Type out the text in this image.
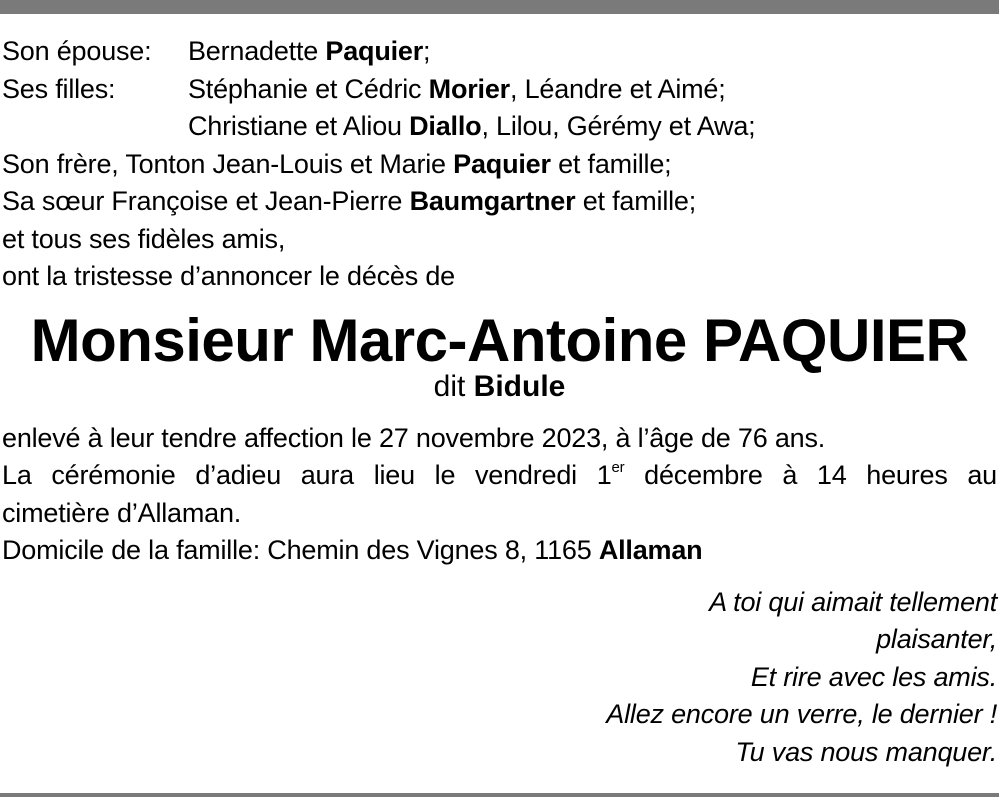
Son épouse: Bernadette Paquier;
Ses filles:	Stéphanie et Cédric Morier, Léandre et Aimé;
Christiane et Aliou Diallo, Lilou, Gérémy et Awa;
Son frère, Tonton Jean-Louis et Marie Paquier et famille;
Sa sœur Françoise et Jean-Pierre Baumgartner et famille;
et tous ses fidèles amis,
ont la tristesse d’annoncer le décès de
Monsieur Marc-Antoine PAQUIER
dit Bidule
enlevé à leur tendre affection le 27 novembre 2023, à l’âge de 76 ans.
La cérémonie d’adieu aura lieu le vendredi 1er décembre à 14 heures au
cimetière d’Allaman.
Domicile de la famille: Chemin des Vignes 8, 1165 Allaman
A toi qui aimait tellement
plaisanter,
Et rire avec les amis.
Allez encore un verre, le dernier !
Tu vas nous manquer.
